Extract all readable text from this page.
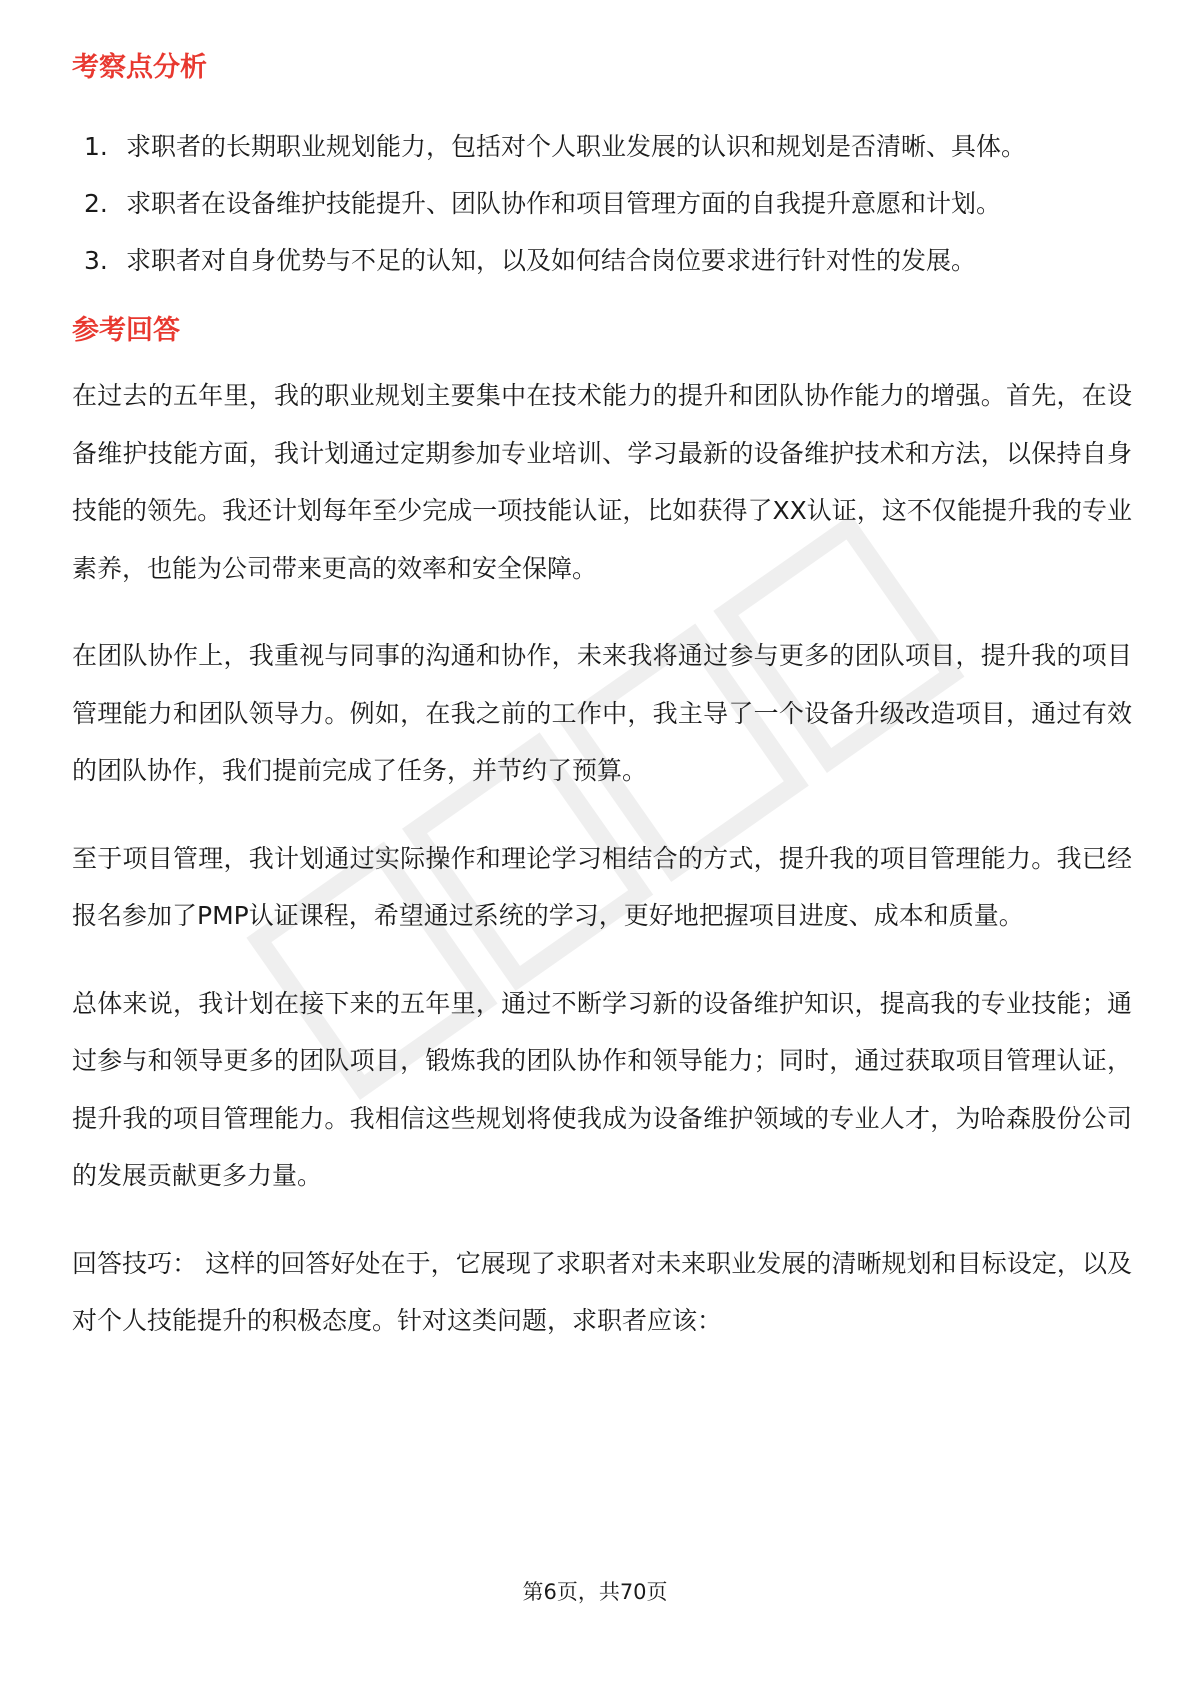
考察点分析
1. 求职者的长期职业规划能力，包括对个人职业发展的认识和规划是否清晰、具体。
2. 求职者在设备维护技能提升、团队协作和项目管理方面的自我提升意愿和计划。
3. 求职者对自身优势与不足的认知，以及如何结合岗位要求进行针对性的发展。
参考回答

在过去的五年里，我的职业规划主要集中在技术能力的提升和团队协作能力的增强。首先，在设备维护技能方面，我计划通过定期参加专业培训、学习最新的设备维护技术和方法，以保持自身技能的领先。我还计划每年至少完成一项技能认证，比如获得了XX认证，这不仅能提升我的专业素养，也能为公司带来更高的效率和安全保障。

在团队协作上，我重视与同事的沟通和协作，未来我将通过参与更多的团队项目，提升我的项目管理能力和团队领导力。例如，在我之前的工作中，我主导了一个设备升级改造项目，通过有效的团队协作，我们提前完成了任务，并节约了预算。

至于项目管理，我计划通过实际操作和理论学习相结合的方式，提升我的项目管理能力。我已经报名参加了PMP认证课程，希望通过系统的学习，更好地把握项目进度、成本和质量。

总体来说，我计划在接下来的五年里，通过不断学习新的设备维护知识，提高我的专业技能；通过参与和领导更多的团队项目，锻炼我的团队协作和领导能力；同时，通过获取项目管理认证，提升我的项目管理能力。我相信这些规划将使我成为设备维护领域的专业人才，为哈森股份公司的发展贡献更多力量。

回答技巧： 这样的回答好处在于，它展现了求职者对未来职业发展的清晰规划和目标设定，以及对个人技能提升的积极态度。针对这类问题，求职者应该：

第6页，共70页
